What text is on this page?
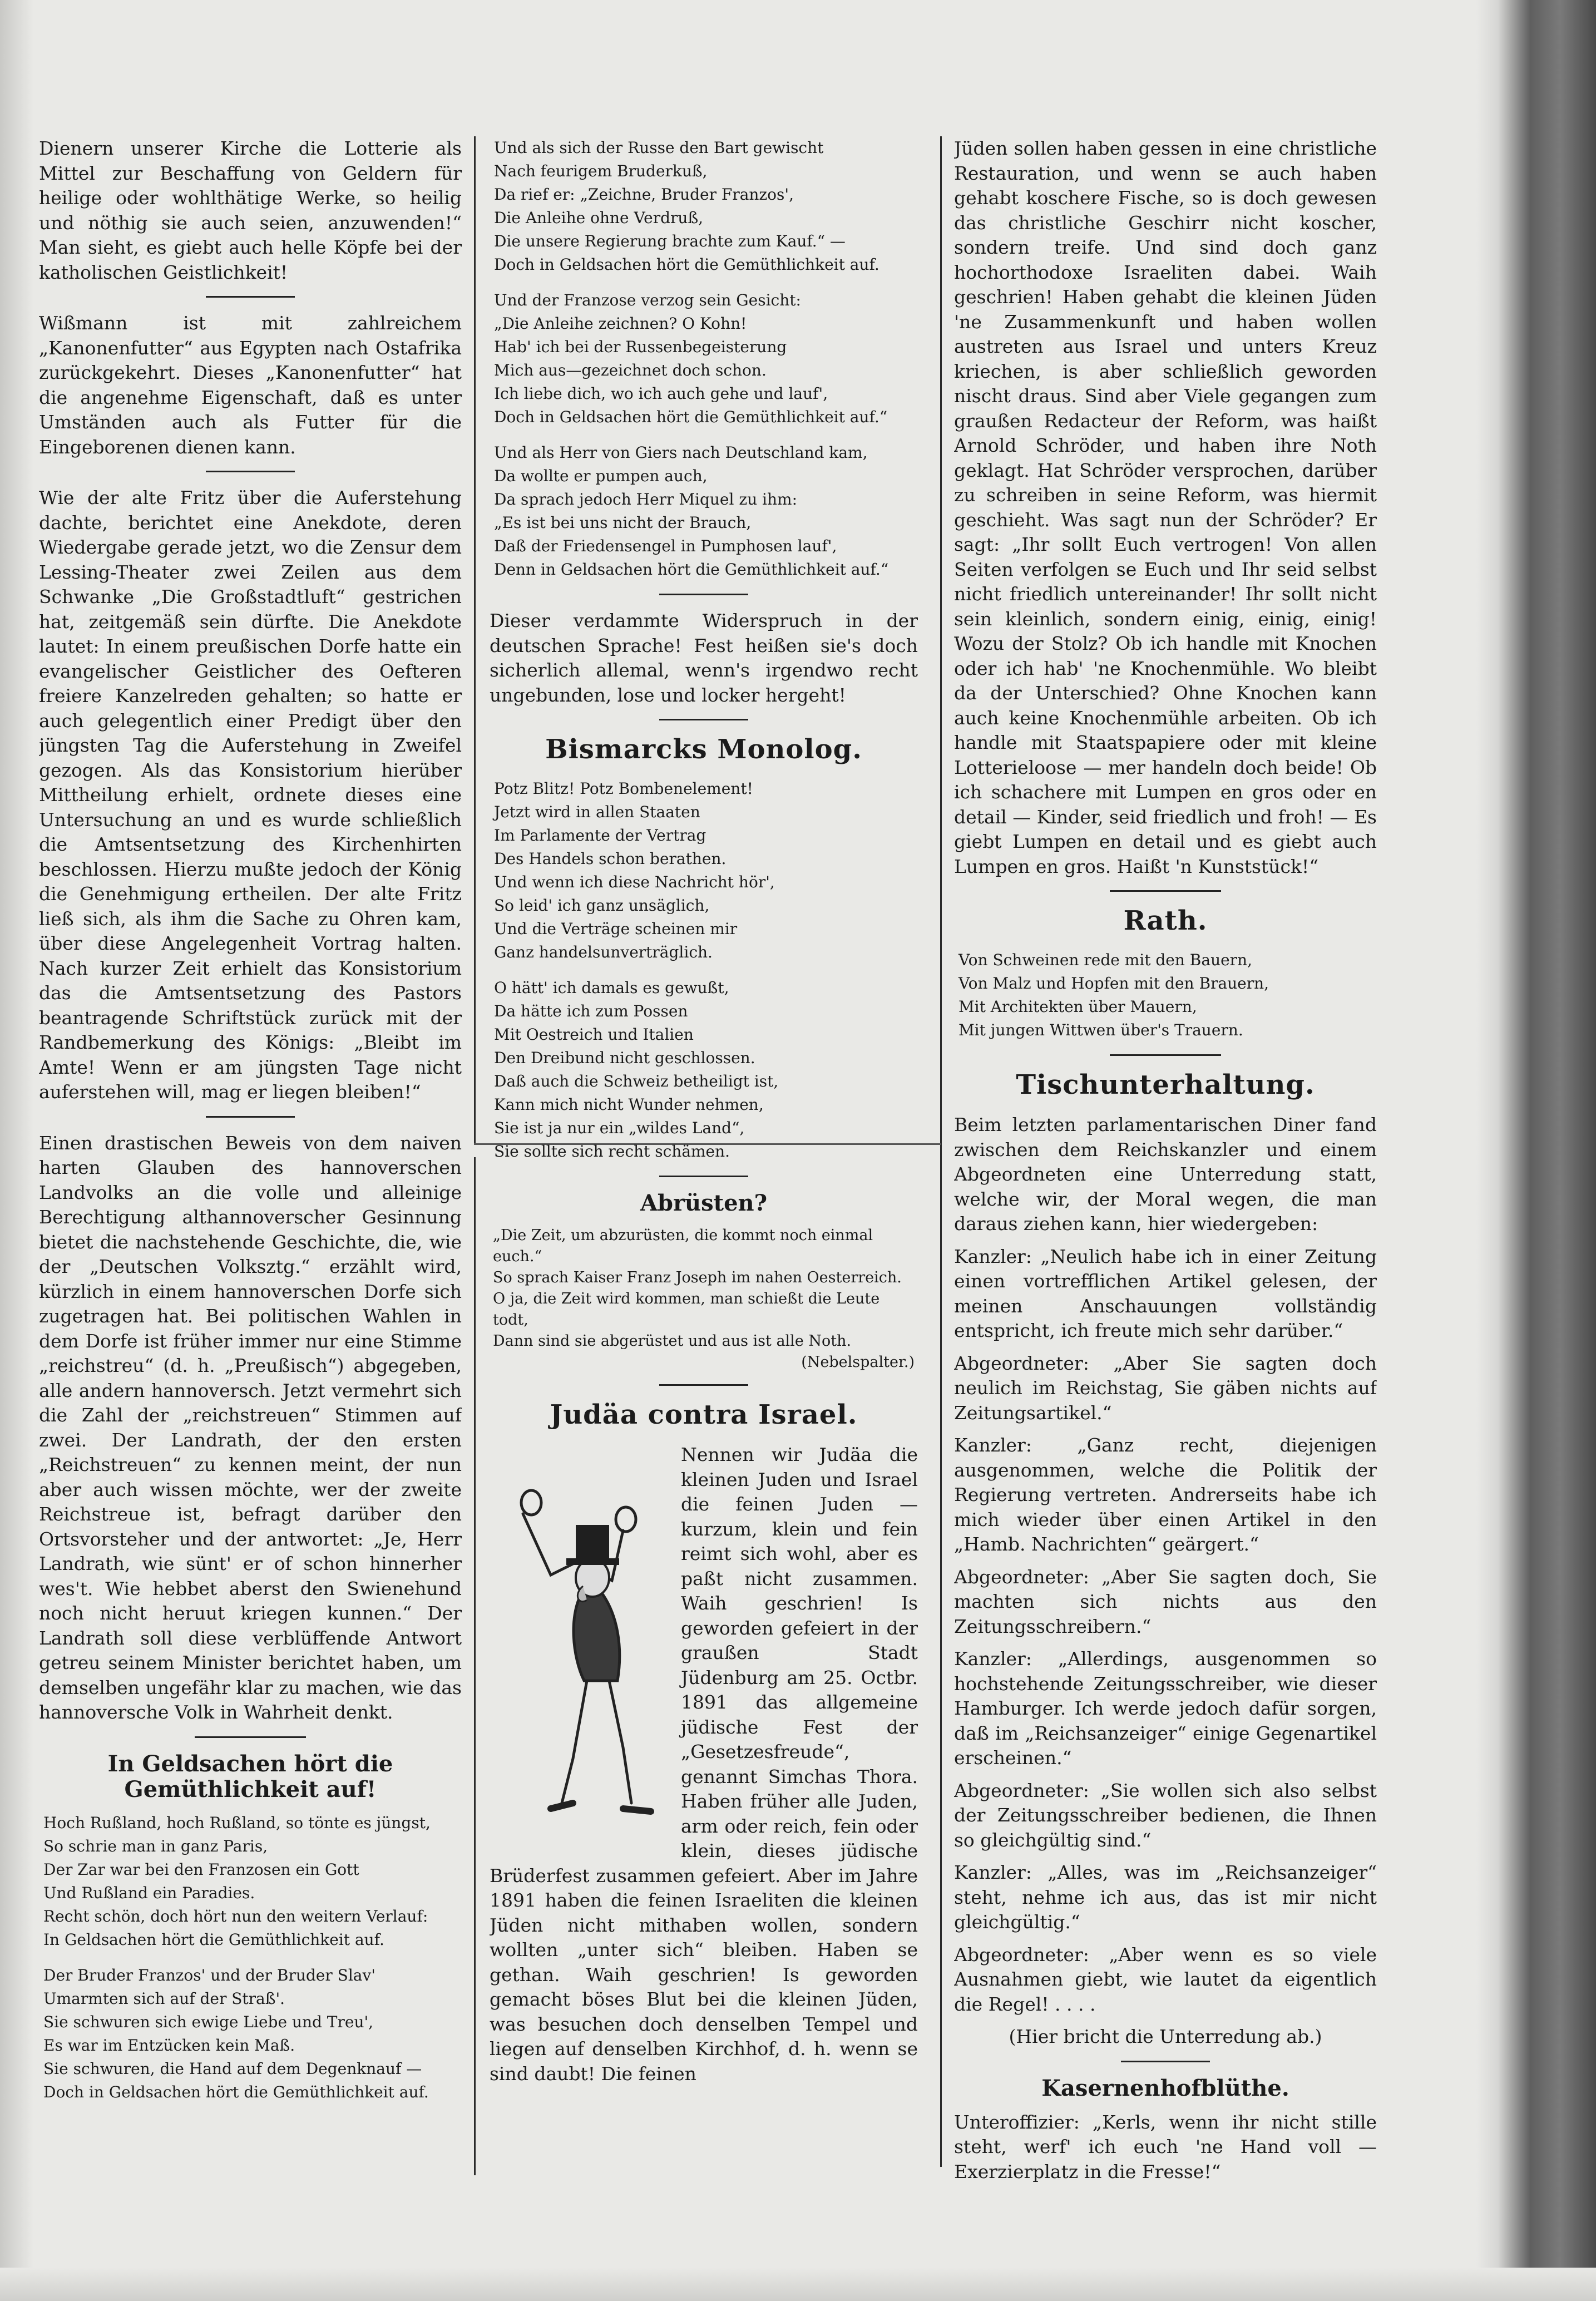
Dienern unserer Kirche die Lotterie als Mittel zur Beschaffung von Geldern für heilige oder wohlthätige Werke, so heilig und nöthig sie auch seien, anzuwenden!“ Man sieht, es giebt auch helle Köpfe bei der katholischen Geistlichkeit!

Wißmann ist mit zahlreichem „Kanonenfutter“ aus Egypten nach Ostafrika zurückgekehrt. Dieses „Kanonenfutter“ hat die angenehme Eigenschaft, daß es unter Umständen auch als Futter für die Eingeborenen dienen kann.

Wie der alte Fritz über die Auferstehung dachte, berichtet eine Anekdote, deren Wiedergabe gerade jetzt, wo die Zensur dem Lessing-Theater zwei Zeilen aus dem Schwanke „Die Großstadtluft“ gestrichen hat, zeitgemäß sein dürfte. Die Anekdote lautet: In einem preußischen Dorfe hatte ein evangelischer Geistlicher des Oefteren freiere Kanzelreden gehalten; so hatte er auch gelegentlich einer Predigt über den jüngsten Tag die Auferstehung in Zweifel gezogen. Als das Konsistorium hierüber Mittheilung erhielt, ordnete dieses eine Untersuchung an und es wurde schließlich die Amtsentsetzung des Kirchenhirten beschlossen. Hierzu mußte jedoch der König die Genehmigung ertheilen. Der alte Fritz ließ sich, als ihm die Sache zu Ohren kam, über diese Angelegenheit Vortrag halten. Nach kurzer Zeit erhielt das Konsistorium das die Amtsentsetzung des Pastors beantragende Schriftstück zurück mit der Randbemerkung des Königs: „Bleibt im Amte! Wenn er am jüngsten Tage nicht auferstehen will, mag er liegen bleiben!“

Einen drastischen Beweis von dem naiven harten Glauben des hannoverschen Landvolks an die volle und alleinige Berechtigung althannoverscher Gesinnung bietet die nachstehende Geschichte, die, wie der „Deutschen Volksztg.“ erzählt wird, kürzlich in einem hannoverschen Dorfe sich zugetragen hat. Bei politischen Wahlen in dem Dorfe ist früher immer nur eine Stimme „reichstreu“ (d. h. „Preußisch“) abgegeben, alle andern hannoversch. Jetzt vermehrt sich die Zahl der „reichstreuen“ Stimmen auf zwei. Der Landrath, der den ersten „Reichstreuen“ zu kennen meint, der nun aber auch wissen möchte, wer der zweite Reichstreue ist, befragt darüber den Ortsvorsteher und der antwortet: „Je, Herr Landrath, wie sünt' er of schon hinnerher wes't. Wie hebbet aberst den Swienehund noch nicht heruut kriegen kunnen.“ Der Landrath soll diese verblüffende Antwort getreu seinem Minister berichtet haben, um demselben ungefähr klar zu machen, wie das hannoversche Volk in Wahrheit denkt.

In Geldsachen hört die Gemüthlichkeit auf!
Hoch Rußland, hoch Rußland, so tönte es jüngst,
So schrie man in ganz Paris,
Der Zar war bei den Franzosen ein Gott
Und Rußland ein Paradies.
Recht schön, doch hört nun den weitern Verlauf:
In Geldsachen hört die Gemüthlichkeit auf.
Der Bruder Franzos' und der Bruder Slav'
Umarmten sich auf der Straß'.
Sie schwuren sich ewige Liebe und Treu',
Es war im Entzücken kein Maß.
Sie schwuren, die Hand auf dem Degenknauf —
Doch in Geldsachen hört die Gemüthlichkeit auf.
Und als sich der Russe den Bart gewischt
Nach feurigem Bruderkuß,
Da rief er: „Zeichne, Bruder Franzos',
Die Anleihe ohne Verdruß,
Die unsere Regierung brachte zum Kauf.“ —
Doch in Geldsachen hört die Gemüthlichkeit auf.
Und der Franzose verzog sein Gesicht:
„Die Anleihe zeichnen? O Kohn!
Hab' ich bei der Russenbegeisterung
Mich aus—gezeichnet doch schon.
Ich liebe dich, wo ich auch gehe und lauf',
Doch in Geldsachen hört die Gemüthlichkeit auf.“
Und als Herr von Giers nach Deutschland kam,
Da wollte er pumpen auch,
Da sprach jedoch Herr Miquel zu ihm:
„Es ist bei uns nicht der Brauch,
Daß der Friedensengel in Pumphosen lauf',
Denn in Geldsachen hört die Gemüthlichkeit auf.“

Dieser verdammte Widerspruch in der deutschen Sprache! Fest heißen sie's doch sicherlich allemal, wenn's irgendwo recht ungebunden, lose und locker hergeht!

Bismarcks Monolog.
Potz Blitz! Potz Bombenelement!
Jetzt wird in allen Staaten
Im Parlamente der Vertrag
Des Handels schon berathen.
Und wenn ich diese Nachricht hör',
So leid' ich ganz unsäglich,
Und die Verträge scheinen mir
Ganz handelsunverträglich.
O hätt' ich damals es gewußt,
Da hätte ich zum Possen
Mit Oestreich und Italien
Den Dreibund nicht geschlossen.
Daß auch die Schweiz betheiligt ist,
Kann mich nicht Wunder nehmen,
Sie ist ja nur ein „wildes Land“,
Sie sollte sich recht schämen.
Abrüsten?
„Die Zeit, um abzurüsten, die kommt noch einmal euch.“
So sprach Kaiser Franz Joseph im nahen Oesterreich.
O ja, die Zeit wird kommen, man schießt die Leute todt,
Dann sind sie abgerüstet und aus ist alle Noth.
(Nebelspalter.)
Judäa contra Israel.

Nennen wir Judäa die kleinen Juden und Israel die feinen Juden — kurzum, klein und fein reimt sich wohl, aber es paßt nicht zusammen. Waih geschrien! Is geworden gefeiert in der graußen Stadt Jüdenburg am 25. Octbr. 1891 das allgemeine jüdische Fest der „Gesetzesfreude“, genannt Simchas Thora. Haben früher alle Juden, arm oder reich, fein oder klein, dieses jüdische Brüderfest zusammen gefeiert. Aber im Jahre 1891 haben die feinen Israeliten die kleinen Jüden nicht mithaben wollen, sondern wollten „unter sich“ bleiben. Haben se gethan. Waih geschrien! Is geworden gemacht böses Blut bei die kleinen Jüden, was besuchen doch denselben Tempel und liegen auf denselben Kirchhof, d. h. wenn se sind daubt! Die feinen

Jüden sollen haben gessen in eine christliche Restauration, und wenn se auch haben gehabt koschere Fische, so is doch gewesen das christliche Geschirr nicht koscher, sondern treife. Und sind doch ganz hochorthodoxe Israeliten dabei. Waih geschrien! Haben gehabt die kleinen Jüden 'ne Zusammenkunft und haben wollen austreten aus Israel und unters Kreuz kriechen, is aber schließlich geworden nischt draus. Sind aber Viele gegangen zum graußen Redacteur der Reform, was haißt Arnold Schröder, und haben ihre Noth geklagt. Hat Schröder versprochen, darüber zu schreiben in seine Reform, was hiermit geschieht. Was sagt nun der Schröder? Er sagt: „Ihr sollt Euch vertrogen! Von allen Seiten verfolgen se Euch und Ihr seid selbst nicht friedlich untereinander! Ihr sollt nicht sein kleinlich, sondern einig, einig, einig! Wozu der Stolz? Ob ich handle mit Knochen oder ich hab' 'ne Knochenmühle. Wo bleibt da der Unterschied? Ohne Knochen kann auch keine Knochenmühle arbeiten. Ob ich handle mit Staatspapiere oder mit kleine Lotterieloose — mer handeln doch beide! Ob ich schachere mit Lumpen en gros oder en detail — Kinder, seid friedlich und froh! — Es giebt Lumpen en detail und es giebt auch Lumpen en gros. Haißt 'n Kunststück!“

Rath.
Von Schweinen rede mit den Bauern,
Von Malz und Hopfen mit den Brauern,
Mit Architekten über Mauern,
Mit jungen Wittwen über's Trauern.
Tischunterhaltung.

Beim letzten parlamentarischen Diner fand zwischen dem Reichskanzler und einem Abgeordneten eine Unterredung statt, welche wir, der Moral wegen, die man daraus ziehen kann, hier wiedergeben:

Kanzler: „Neulich habe ich in einer Zeitung einen vortrefflichen Artikel gelesen, der meinen Anschauungen vollständig entspricht, ich freute mich sehr darüber.“

Abgeordneter: „Aber Sie sagten doch neulich im Reichstag, Sie gäben nichts auf Zeitungsartikel.“

Kanzler: „Ganz recht, diejenigen ausgenommen, welche die Politik der Regierung vertreten. Andrerseits habe ich mich wieder über einen Artikel in den „Hamb. Nachrichten“ geärgert.“

Abgeordneter: „Aber Sie sagten doch, Sie machten sich nichts aus den Zeitungsschreibern.“

Kanzler: „Allerdings, ausgenommen so hochstehende Zeitungsschreiber, wie dieser Hamburger. Ich werde jedoch dafür sorgen, daß im „Reichsanzeiger“ einige Gegenartikel erscheinen.“

Abgeordneter: „Sie wollen sich also selbst der Zeitungsschreiber bedienen, die Ihnen so gleichgültig sind.“

Kanzler: „Alles, was im „Reichsanzeiger“ steht, nehme ich aus, das ist mir nicht gleichgültig.“

Abgeordneter: „Aber wenn es so viele Ausnahmen giebt, wie lautet da eigentlich die Regel! . . . .

(Hier bricht die Unterredung ab.)

Kasernenhofblüthe.

Unteroffizier: „Kerls, wenn ihr nicht stille steht, werf' ich euch 'ne Hand voll — Exerzierplatz in die Fresse!“
